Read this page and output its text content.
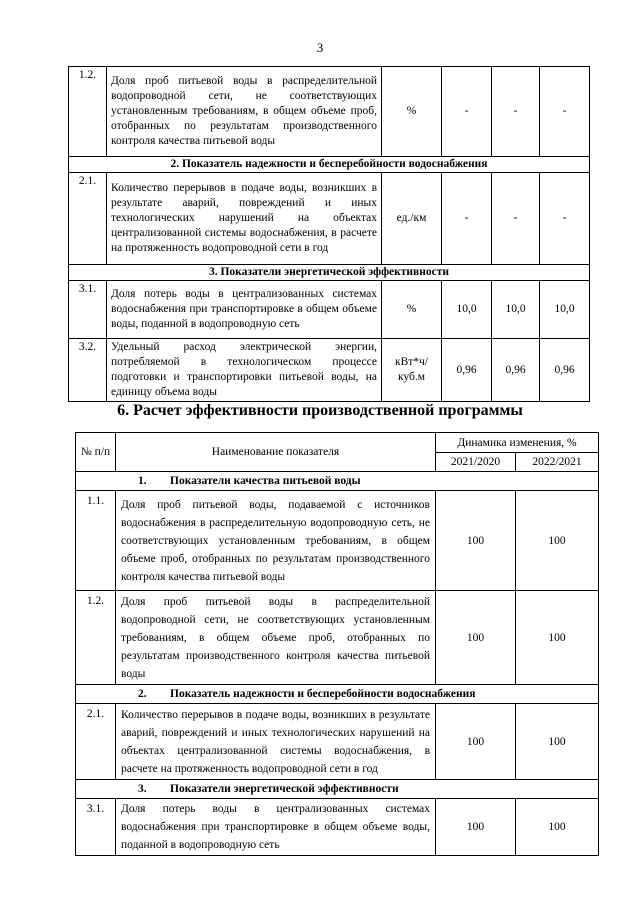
3
1.2.	Доля проб питьевой воды в распределительной водопроводной сети, не соответствующих установленным требованиям, в общем объеме проб, отобранных по результатам производственного контроля качества питьевой воды	%	-	-	-
2. Показатель надежности и бесперебойности водоснабжения					
2.1.	Количество перерывов в подаче воды, возникших в результате аварий, повреждений и иных технологических нарушений на объектах централизованной системы водоснабжения, в расчете на протяженность водопроводной сети в год	ед./км	-	-	-
3. Показатели энергетической эффективности					
3.1.	Доля потерь воды в централизованных системах водоснабжения при транспортировке в общем объеме воды, поданной в водопроводную сеть	%	10,0	10,0	10,0
3.2.	Удельный расход электрической энергии, потребляемой в технологическом процессе подготовки и транспортировки питьевой воды, на единицу объема воды	кВт*ч/ куб.м	0,96	0,96	0,96
6. Расчет эффективности производственной программы
№ п/п	Наименование показателя	Динамика изменения, %	
		2021/2020	2022/2021
1. Показатели качества питьевой воды			
1.1.	Доля проб питьевой воды, подаваемой с источников водоснабжения в распределительную водопроводную сеть, не соответствующих установленным требованиям, в общем объеме проб, отобранных по результатам производственного контроля качества питьевой воды	100	100
1.2.	Доля проб питьевой воды в распределительной водопроводной сети, не соответствующих установленным требованиям, в общем объеме проб, отобранных по результатам производственного контроля качества питьевой воды	100	100
2. Показатель надежности и бесперебойности водоснабжения			
2.1.	Количество перерывов в подаче воды, возникших в результате аварий, повреждений и иных технологических нарушений на объектах централизованной системы водоснабжения, в расчете на протяженность водопроводной сети в год	100	100
3. Показатели энергетической эффективности			
3.1.	Доля потерь воды в централизованных системах водоснабжения при транспортировке в общем объеме воды, поданной в водопроводную сеть	100	100
